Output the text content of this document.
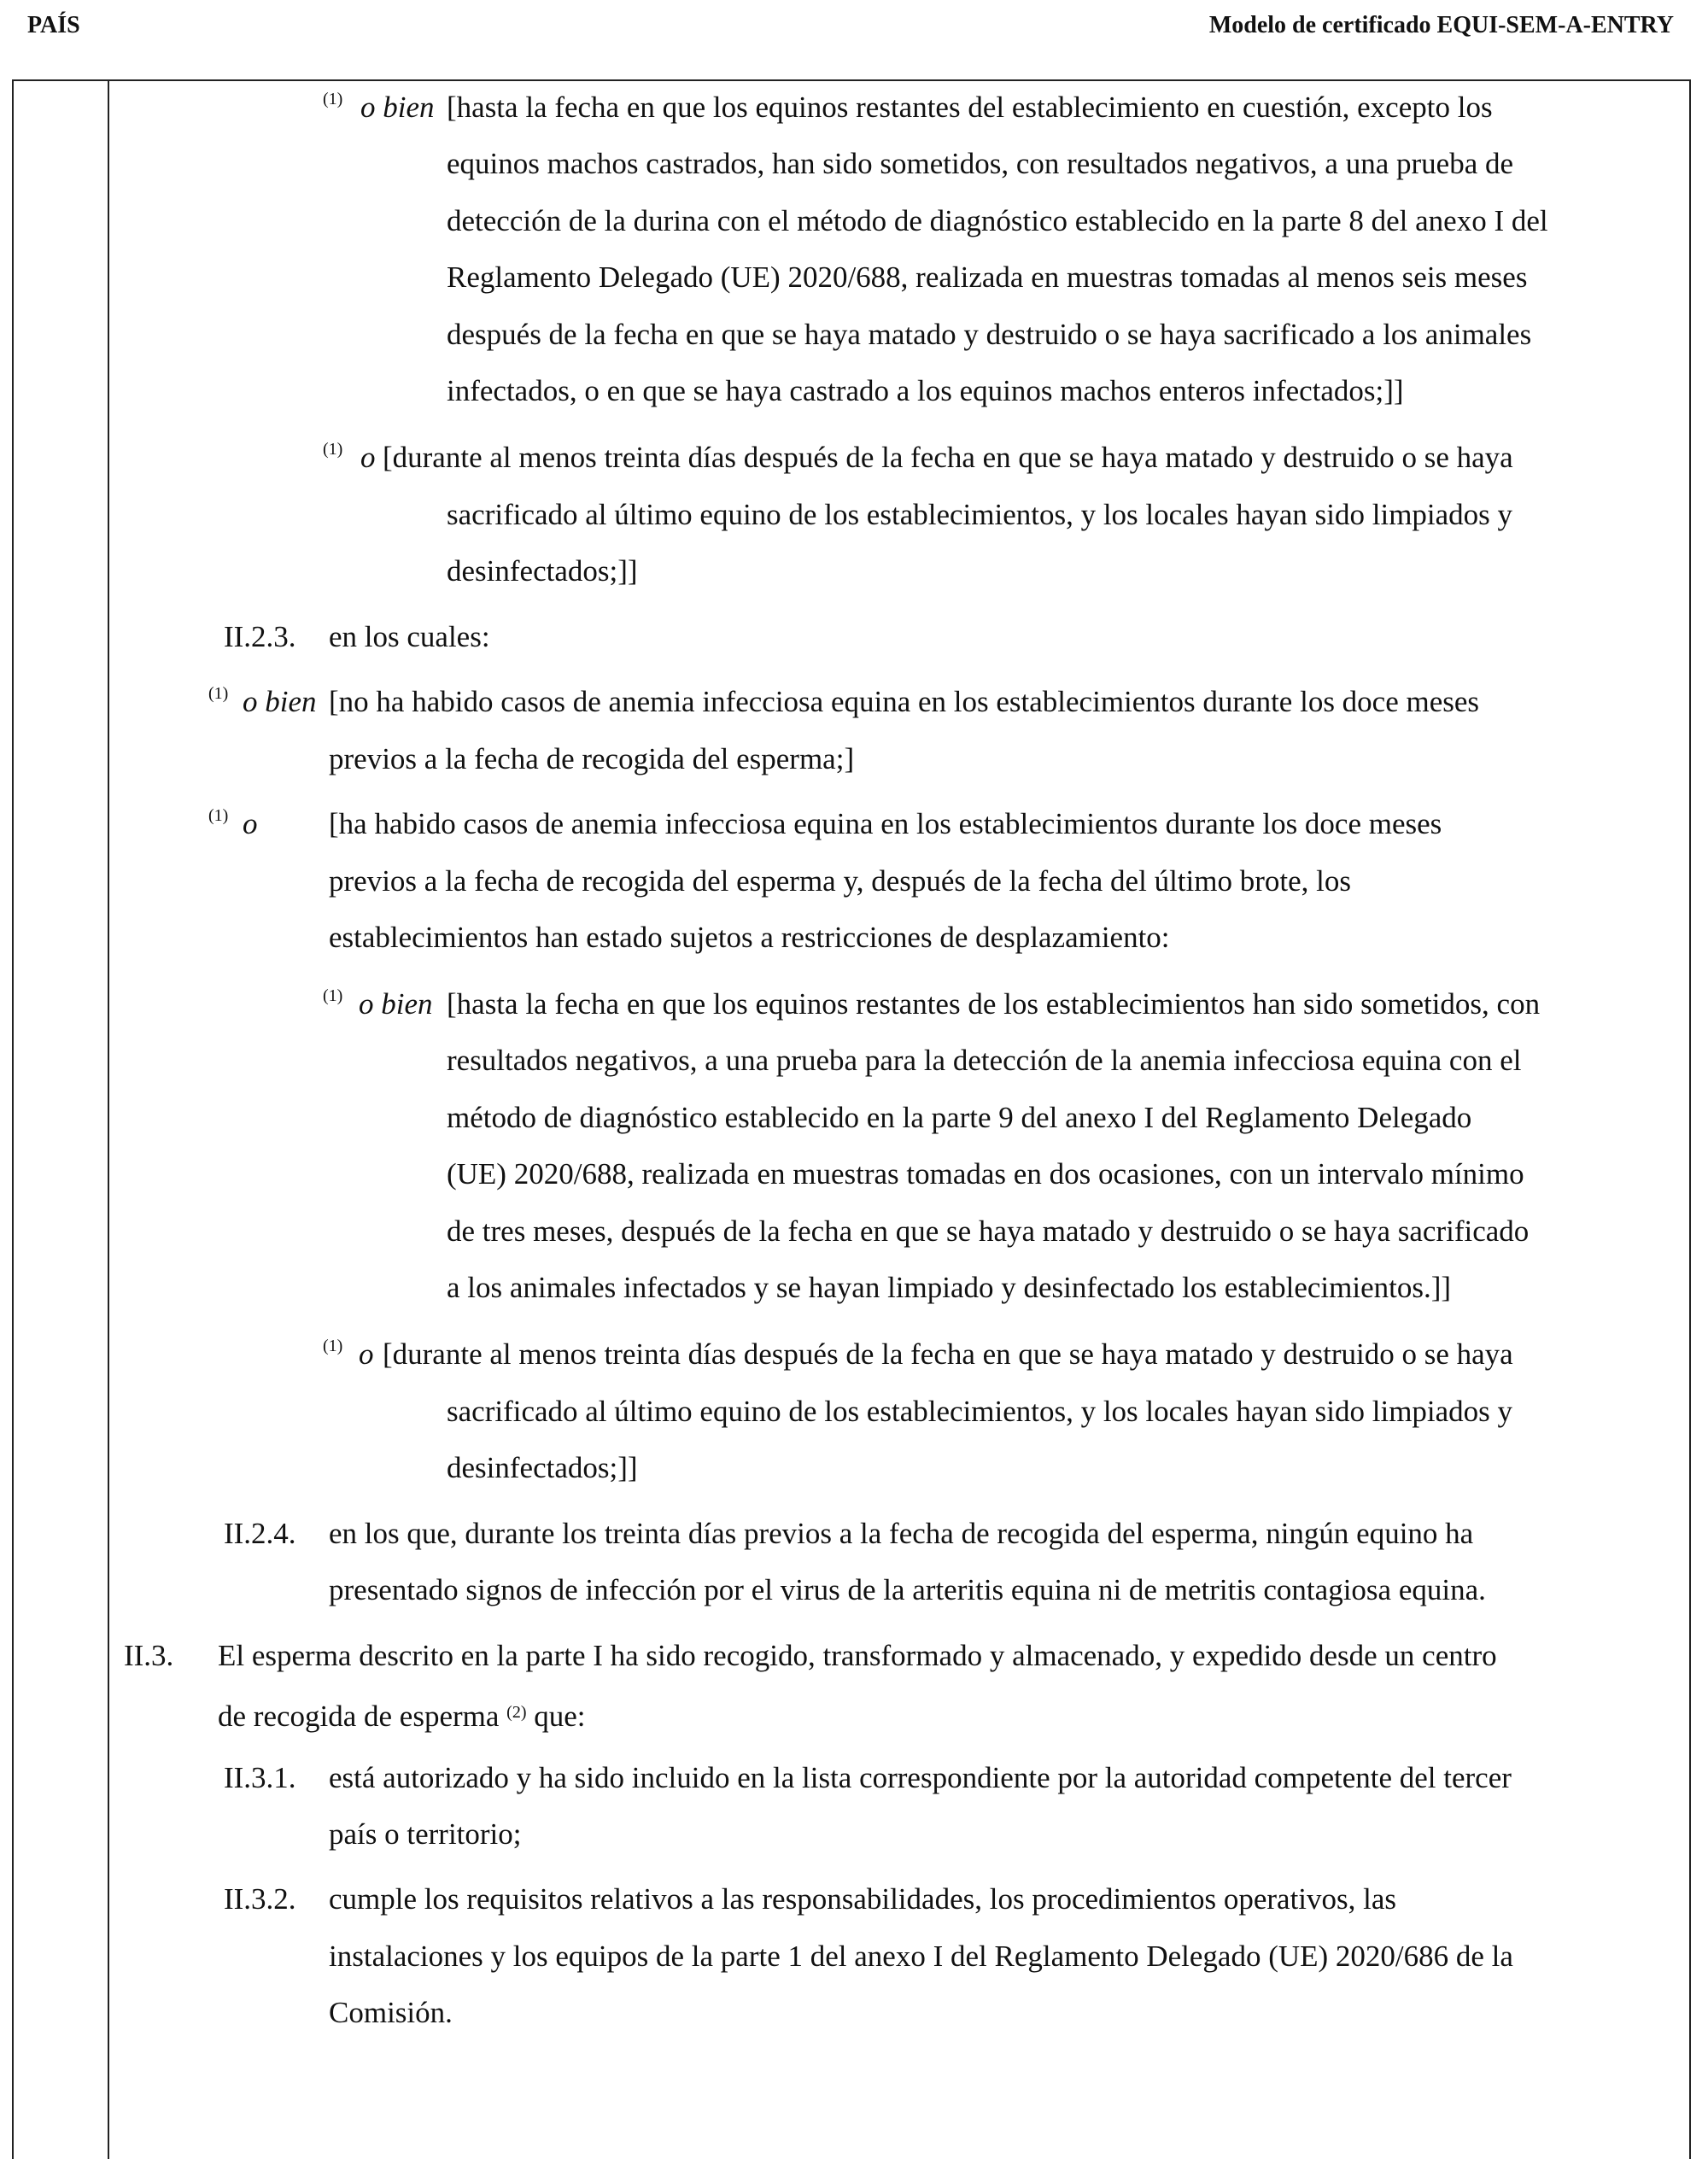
PAÍS	Modelo de certificado EQUI-SEM-A-ENTRY
(1) o bien [hasta la fecha en que los equinos restantes del establecimiento en cuestión, excepto los
equinos machos castrados, han sido sometidos, con resultados negativos, a una prueba de
detección de la durina con el método de diagnóstico establecido en la parte 8 del anexo I del
Reglamento Delegado (UE) 2020/688, realizada en muestras tomadas al menos seis meses
después de la fecha en que se haya matado y destruido o se haya sacrificado a los animales
infectados, o en que se haya castrado a los equinos machos enteros infectados;]]
(1) o [durante al menos treinta días después de la fecha en que se haya matado y destruido o se haya
sacrificado al último equino de los establecimientos, y los locales hayan sido limpiados y
desinfectados;]]
II.2.3. en los cuales:
(1) o bien [no ha habido casos de anemia infecciosa equina en los establecimientos durante los doce meses
previos a la fecha de recogida del esperma;]
(1) o [ha habido casos de anemia infecciosa equina en los establecimientos durante los doce meses
previos a la fecha de recogida del esperma y, después de la fecha del último brote, los
establecimientos han estado sujetos a restricciones de desplazamiento:
(1) o bien [hasta la fecha en que los equinos restantes de los establecimientos han sido sometidos, con
resultados negativos, a una prueba para la detección de la anemia infecciosa equina con el
método de diagnóstico establecido en la parte 9 del anexo I del Reglamento Delegado
(UE) 2020/688, realizada en muestras tomadas en dos ocasiones, con un intervalo mínimo
de tres meses, después de la fecha en que se haya matado y destruido o se haya sacrificado
a los animales infectados y se hayan limpiado y desinfectado los establecimientos.]]
(1) o [durante al menos treinta días después de la fecha en que se haya matado y destruido o se haya
sacrificado al último equino de los establecimientos, y los locales hayan sido limpiados y
desinfectados;]]
II.2.4. en los que, durante los treinta días previos a la fecha de recogida del esperma, ningún equino ha
presentado signos de infección por el virus de la arteritis equina ni de metritis contagiosa equina.
II.3. El esperma descrito en la parte I ha sido recogido, transformado y almacenado, y expedido desde un centro
de recogida de esperma $^{(2)}$ que:
II.3.1. está autorizado y ha sido incluido en la lista correspondiente por la autoridad competente del tercer
país o territorio;
II.3.2. cumple los requisitos relativos a las responsabilidades, los procedimientos operativos, las
instalaciones y los equipos de la parte 1 del anexo I del Reglamento Delegado (UE) 2020/686 de la
Comisión.
